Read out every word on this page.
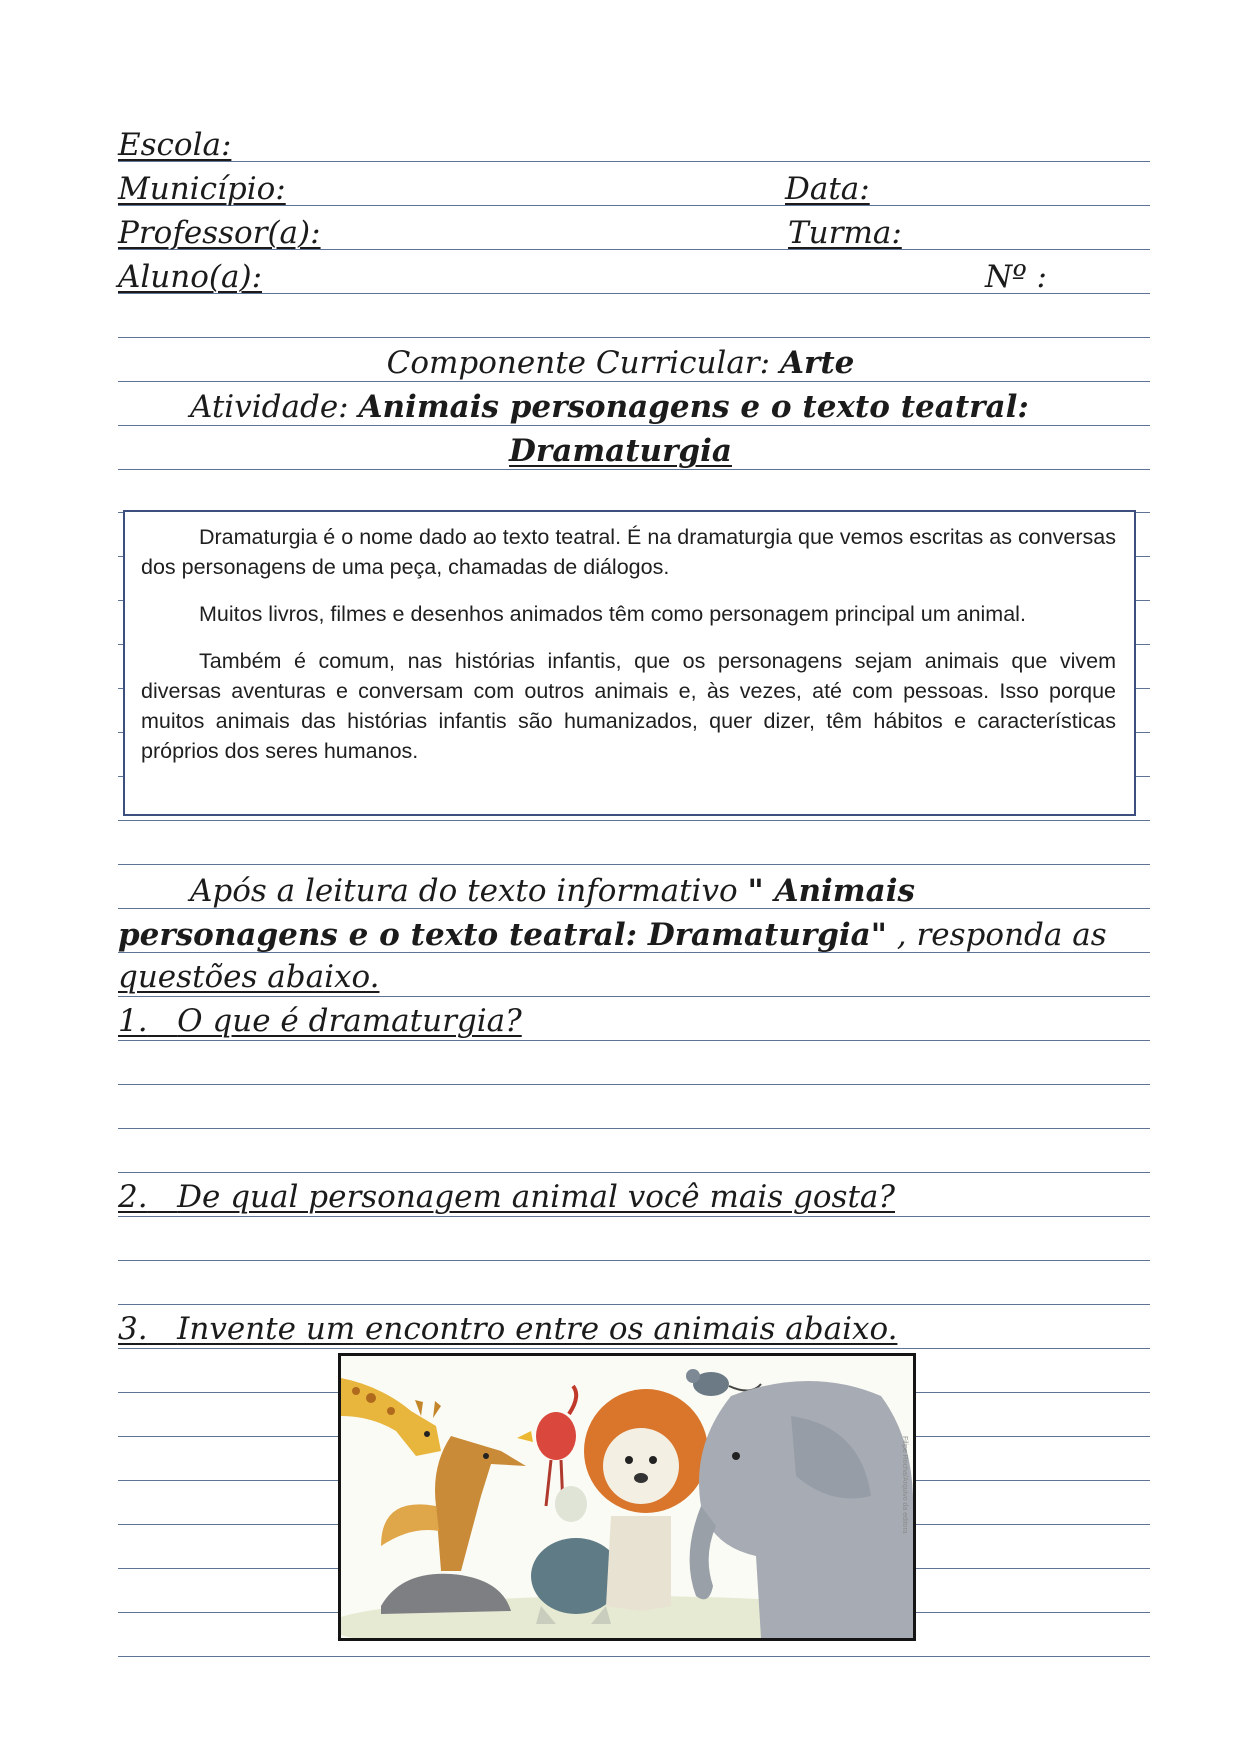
Escola:
Município:	Data:
Professor(a):	Turma:
Aluno(a):	Nº :
Componente Curricular: Arte
Atividade: Animais personagens e o texto teatral:
Dramaturgia

Dramaturgia é o nome dado ao texto teatral. É na dramaturgia que vemos escritas as conversas dos personagens de uma peça, chamadas de diálogos.

Muitos livros, filmes e desenhos animados têm como personagem principal um animal.

Também é comum, nas histórias infantis, que os personagens sejam animais que vivem diversas aventuras e conversam com outros animais e, às vezes, até com pessoas. Isso porque muitos animais das histórias infantis são humanizados, quer dizer, têm hábitos e características próprios dos seres humanos.

Após a leitura do texto informativo " Animais
personagens e o texto teatral: Dramaturgia" , responda as
questões abaixo.
1. O que é dramaturgia?
2. De qual personagem animal você mais gosta?
3. Invente um encontro entre os animais abaixo.
Filipe Rocha/Arquivo da editora
